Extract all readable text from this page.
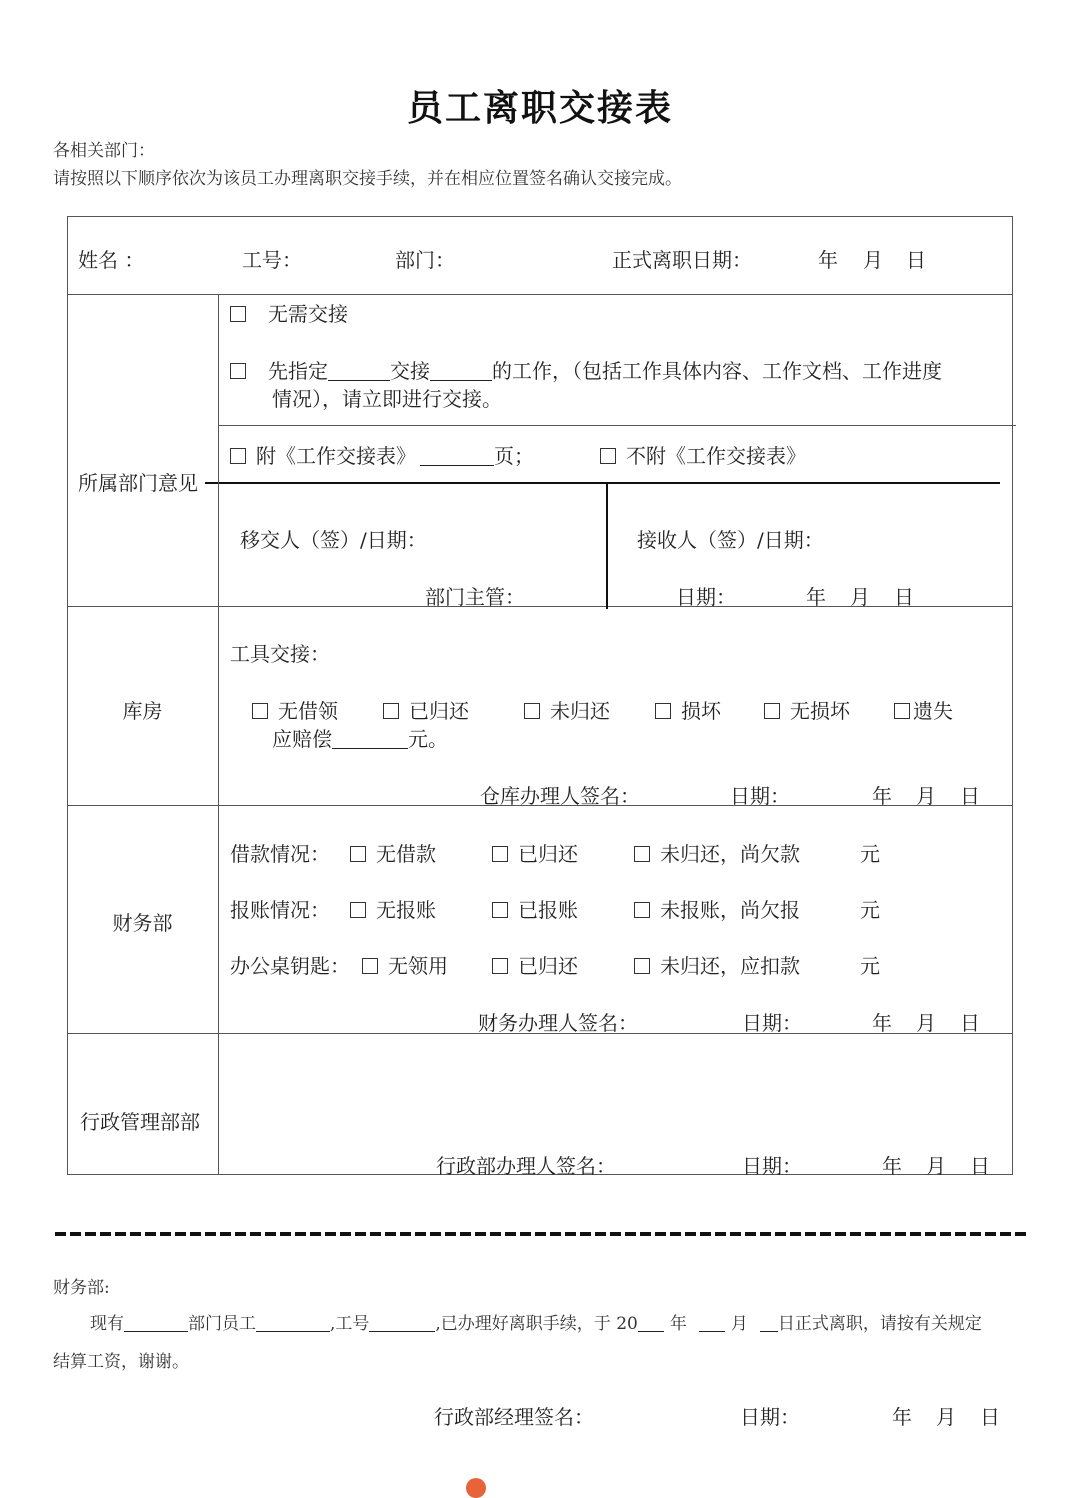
员工离职交接表
各相关部门：
请按照以下顺序依次为该员工办理离职交接手续，并在相应位置签名确认交接完成。
姓名 ：	工号：	部门：	正式离职日期：	年 月 日
所属部门意见
无需交接
先指定	交接	的工作，（包括工作具体内容、工作文档、工作进度
情况），请立即进行交接。
附《工作交接表》	页；	不附《工作交接表》
移交人（签）/日期：	接收人（签）/日期：
部门主管：	日期：	年 月 日
库房
工具交接：
无借领	已归还	未归还	损坏	无损坏	遗失
应赔偿	元。
仓库办理人签名：	日期：	年 月 日
财务部
借款情况：	无借款	已归还	未归还，尚欠款	元
报账情况：	无报账	已报账	未报账，尚欠报	元
办公桌钥匙：	无领用	已归还	未归还，应扣款	元
财务办理人签名：	日期：	年 月 日
行政管理部部
行政部办理人签名：	日期：	年 月 日
财务部:
现有	部门员工	,工号	,已办理好离职手续，于 20 年	月 日正式离职，请按有关规定
结算工资，谢谢。
行政部经理签名：	日期：	年 月 日
